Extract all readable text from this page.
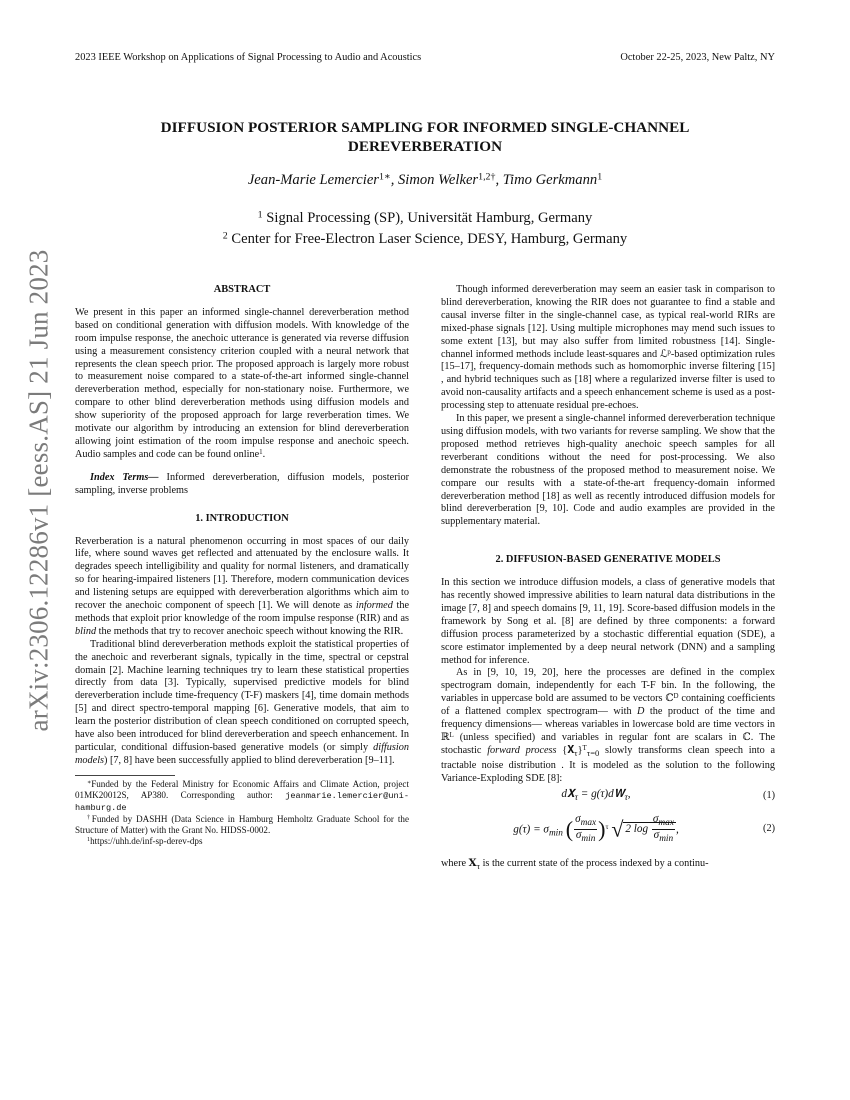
2023 IEEE Workshop on Applications of Signal Processing to Audio and Acoustics	October 22-25, 2023, New Paltz, NY
arXiv:2306.12286v1 [eess.AS] 21 Jun 2023
DIFFUSION POSTERIOR SAMPLING FOR INFORMED SINGLE-CHANNEL
DEREVERBERATION
Jean-Marie Lemercier$^{1∗}$, Simon Welker$^{1,2\dagger}$, Timo Gerkmann$^1$
$^1$ Signal Processing (SP), Universität Hamburg, Germany
$^2$ Center for Free-Electron Laser Science, DESY, Hamburg, Germany
ABSTRACT

We present in this paper an informed single-channel dereverberation method based on conditional generation with diffusion models. With knowledge of the room impulse response, the anechoic utterance is generated via reverse diffusion using a measurement consistency criterion coupled with a neural network that represents the clean speech prior. The proposed approach is largely more robust to measurement noise compared to a state-of-the-art informed single-channel dereverberation method, especially for non-stationary noise. Furthermore, we compare to other blind dereverberation methods using diffusion models and show superiority of the proposed approach for large reverberation times. We motivate our algorithm by introducing an extension for blind dereverberation allowing joint estimation of the room impulse response and anechoic speech. Audio samples and code can be found online$^1$.

Index Terms— Informed dereverberation, diffusion models, posterior sampling, inverse problems

1. INTRODUCTION

Reverberation is a natural phenomenon occurring in most spaces of our daily life, where sound waves get reflected and attenuated by the enclosure walls. It degrades speech intelligibility and quality for normal listeners, and dramatically so for hearing-impaired listeners [1]. Therefore, modern communication devices and listening setups are equipped with dereverberation algorithms which aim to recover the anechoic component of speech [1]. We will denote as informed the methods that exploit prior knowledge of the room impulse response (RIR) and as blind the methods that try to recover anechoic speech without knowing the RIR.

Traditional blind dereverberation methods exploit the statistical properties of the anechoic and reverberant signals, typically in the time, spectral or cepstral domain [2]. Machine learning techniques try to learn these statistical properties directly from data [3]. Typically, supervised predictive models for blind dereverberation include time-frequency (T-F) maskers [4], time domain methods [5] and direct spectro-temporal mapping [6]. Generative models, that aim to learn the posterior distribution of clean speech conditioned on corrupted speech, have also been introduced for blind dereverberation and speech enhancement. In particular, conditional diffusion-based generative models (or simply diffusion models) [7, 8] have been successfully applied to blind dereverberation [9–11].

∗Funded by the Federal Ministry for Economic Affairs and Climate Action, project 01MK20012S, AP380. Corresponding author: jeanmarie.lemercier@uni-hamburg.de

†Funded by DASHH (Data Science in Hamburg Hemholtz Graduate School for the Structure of Matter) with the Grant No. HIDSS-0002.

$^1$https://uhh.de/inf-sp-derev-dps

Though informed dereverberation may seem an easier task in comparison to blind dereverberation, knowing the RIR does not guarantee to find a stable and causal inverse filter in the single-channel case, as typical real-world RIRs are mixed-phase signals [12]. Using multiple microphones may mend such issues to some extent [13], but may also suffer from limited robustness [14]. Single-channel informed methods include least-squares and ℒ$^p$-based optimization rules [15–17], frequency-domain methods such as homomorphic inverse filtering [15] , and hybrid techniques such as [18] where a regularized inverse filter is used to avoid non-causality artifacts and a speech enhancement scheme is used as a post-processing step to attenuate residual pre-echoes.

In this paper, we present a single-channel informed dereverberation technique using diffusion models, with two variants for reverse sampling. We show that the proposed method retrieves high-quality anechoic speech samples for all reverberant conditions without the need for post-processing. We also demonstrate the robustness of the proposed method to measurement noise. We compare our results with a state-of-the-art frequency-domain informed dereverberation method [18] as well as recently introduced diffusion models for blind dereverberation [9, 10]. Code and audio examples are provided in the supplementary material.

2. DIFFUSION-BASED GENERATIVE MODELS

In this section we introduce diffusion models, a class of generative models that has recently showed impressive abilities to learn natural data distributions in the image [7, 8] and speech domains [9, 11, 19]. Score-based diffusion models in the framework by Song et al. [8] are defined by three components: a forward diffusion process parameterized by a stochastic differential equation (SDE), a score estimator implemented by a deep neural network (DNN) and a sampling method for inference.

As in [9, 10, 19, 20], here the processes are defined in the complex spectrogram domain, independently for each T-F bin. In the following, the variables in uppercase bold are assumed to be vectors ℂ$^D$ containing coefficients of a flattened complex spectrogram— with D the product of the time and frequency dimensions— whereas variables in lowercase bold are time vectors in ℝ$^L$ (unless specified) and variables in regular font are scalars in ℂ. The stochastic forward process {𝐗$_\tau$}$^T_{\tau=0}$ slowly transforms clean speech into a tractable noise distribution . It is modeled as the solution to the following Variance-Exploding SDE [8]:

d𝐗$_\tau$ = g(τ)d𝐖$_\tau$,	(1)
$g(\tau) = \sigma_{min}$ ( $\frac{\sigma_{max}}{\sigma_{min}} )^\tau$ √ 2 $\log \frac{\sigma_{max}}{\sigma_{min}}$ ,	(2)

where 𝐗$_\tau$ is the current state of the process indexed by a continu-
